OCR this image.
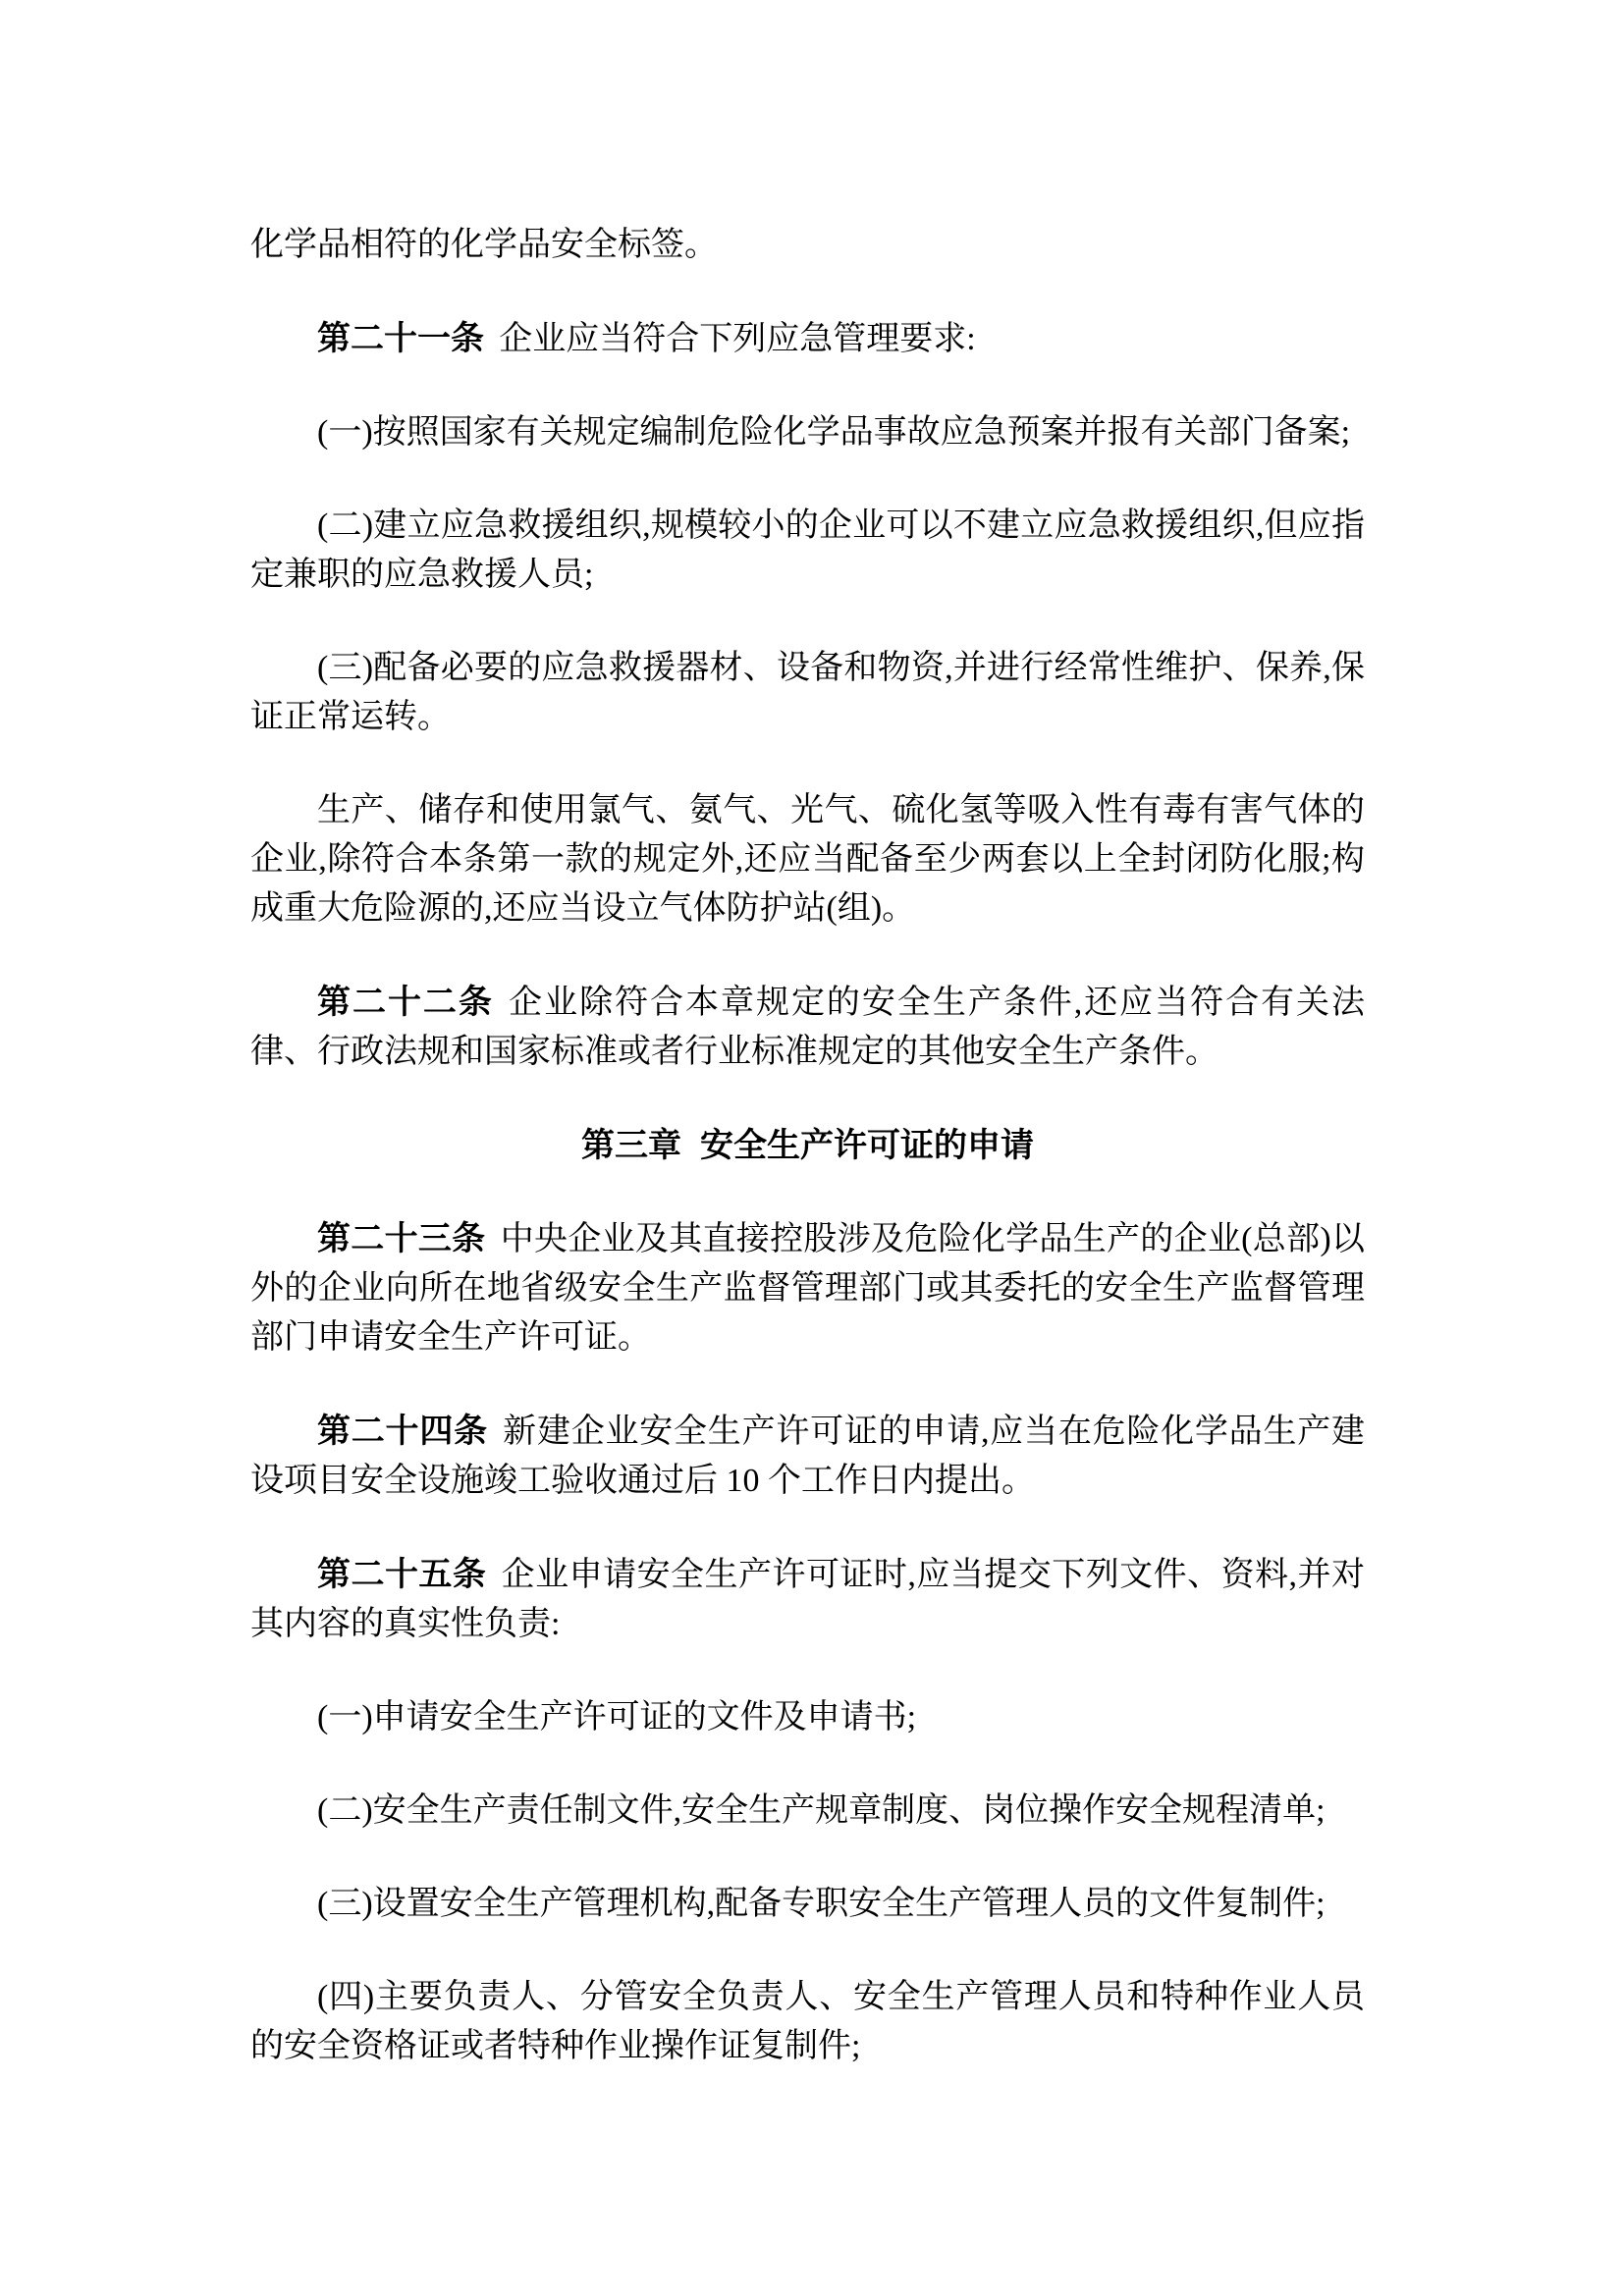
化学品相符的化学品安全标签。

第二十一条 企业应当符合下列应急管理要求:

(一)按照国家有关规定编制危险化学品事故应急预案并报有关部门备案;

(二)建立应急救援组织,规模较小的企业可以不建立应急救援组织,但应指定兼职的应急救援人员;

(三)配备必要的应急救援器材、设备和物资,并进行经常性维护、保养,保证正常运转。

生产、储存和使用氯气、氨气、光气、硫化氢等吸入性有毒有害气体的企业,除符合本条第一款的规定外,还应当配备至少两套以上全封闭防化服;构成重大危险源的,还应当设立气体防护站(组)。

第二十二条 企业除符合本章规定的安全生产条件,还应当符合有关法律、行政法规和国家标准或者行业标准规定的其他安全生产条件。

第三章  安全生产许可证的申请

第二十三条 中央企业及其直接控股涉及危险化学品生产的企业(总部)以外的企业向所在地省级安全生产监督管理部门或其委托的安全生产监督管理部门申请安全生产许可证。

第二十四条 新建企业安全生产许可证的申请,应当在危险化学品生产建设项目安全设施竣工验收通过后 10 个工作日内提出。

第二十五条 企业申请安全生产许可证时,应当提交下列文件、资料,并对其内容的真实性负责:

(一)申请安全生产许可证的文件及申请书;

(二)安全生产责任制文件,安全生产规章制度、岗位操作安全规程清单;

(三)设置安全生产管理机构,配备专职安全生产管理人员的文件复制件;

(四)主要负责人、分管安全负责人、安全生产管理人员和特种作业人员的安全资格证或者特种作业操作证复制件;
